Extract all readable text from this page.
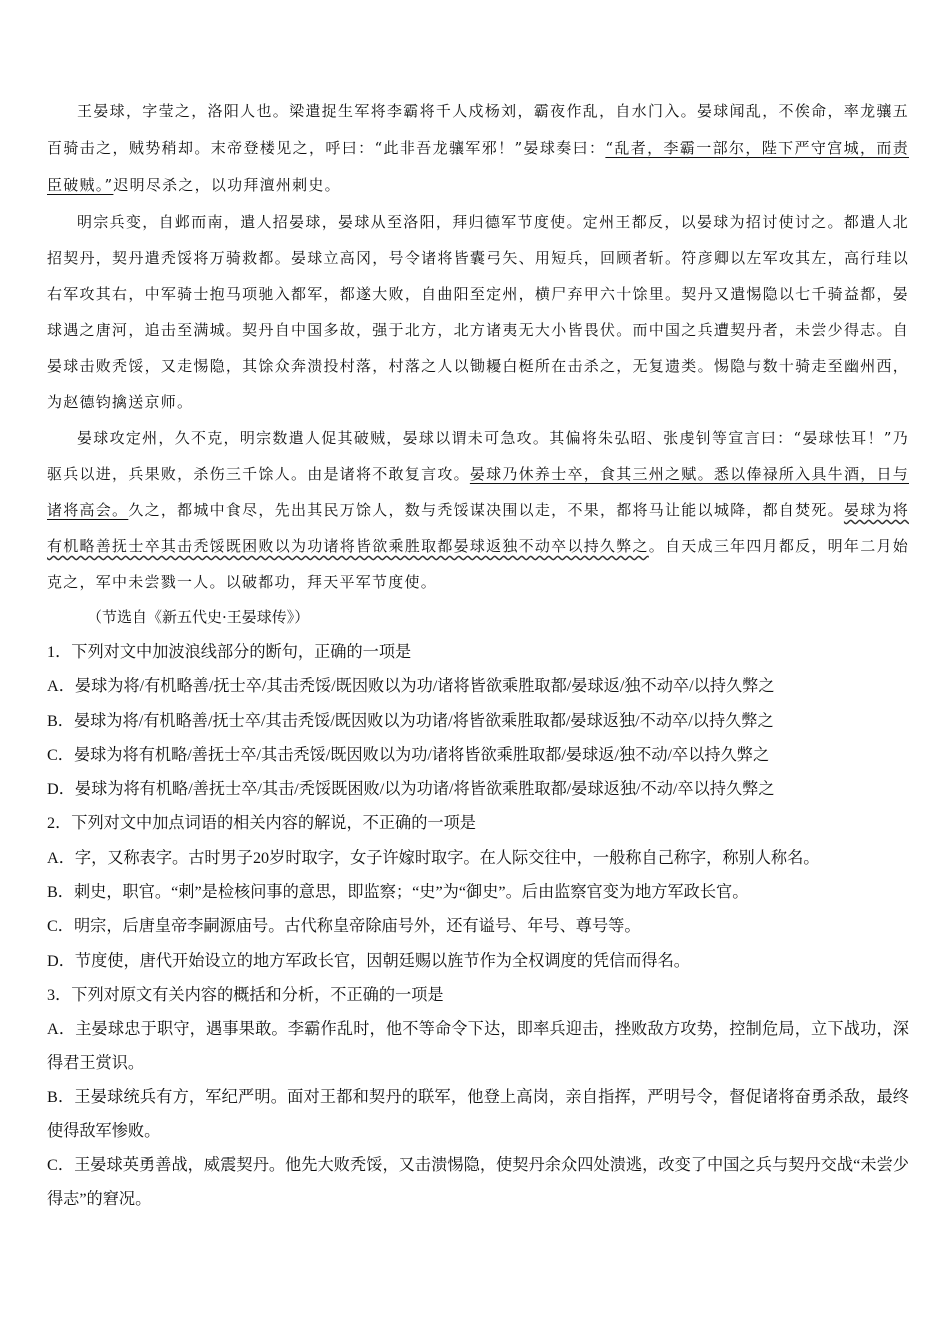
王晏球，字莹之，洛阳人也。梁遣捉生军将李霸将千人戍杨刘，霸夜作乱，自水门入。晏球闻乱，不俟命，率龙骧五百骑击之，贼势稍却。末帝登楼见之，呼曰：“此非吾龙骧军邪！”晏球奏曰：“乱者，李霸一部尔，陛下严守宫城，而责臣破贼。”迟明尽杀之，以功拜澶州刺史。

明宗兵变，自邺而南，遣人招晏球，晏球从至洛阳，拜归德军节度使。定州王都反，以晏球为招讨使讨之。都遣人北招契丹，契丹遣秃馁将万骑救都。晏球立高冈，号令诸将皆囊弓矢、用短兵，回顾者斩。符彦卿以左军攻其左，高行珪以右军攻其右，中军骑士抱马项驰入都军，都遂大败，自曲阳至定州，横尸弃甲六十馀里。契丹又遣惕隐以七千骑益都，晏球遇之唐河，追击至满城。契丹自中国多故，强于北方，北方诸夷无大小皆畏伏。而中国之兵遭契丹者，未尝少得志。自晏球击败秃馁，又走惕隐，其馀众奔溃投村落，村落之人以锄耰白梃所在击杀之，无复遗类。惕隐与数十骑走至幽州西，为赵德钧擒送京师。

晏球攻定州，久不克，明宗数遣人促其破贼，晏球以谓未可急攻。其偏将朱弘昭、张虔钊等宣言曰：“晏球怯耳！”乃驱兵以进，兵果败，杀伤三千馀人。由是诸将不敢复言攻。晏球乃休养士卒，食其三州之赋。悉以俸禄所入具牛酒，日与诸将高会。久之，都城中食尽，先出其民万馀人，数与秃馁谋决围以走，不果，都将马让能以城降，都自焚死。晏球为将有机略善抚士卒其击秃馁既困败以为功诸将皆欲乘胜取都晏球返独不动卒以持久弊之。自天成三年四月都反，明年二月始克之，军中未尝戮一人。以破都功，拜天平军节度使。

（节选自《新五代史·王晏球传》）

1．下列对文中加波浪线部分的断句，正确的一项是

A．晏球为将/有机略善/抚士卒/其击秃馁/既因败以为功/诸将皆欲乘胜取都/晏球返/独不动卒/以持久弊之

B．晏球为将/有机略善/抚士卒/其击秃馁/既因败以为功诸/将皆欲乘胜取都/晏球返独/不动卒/以持久弊之

C．晏球为将有机略/善抚士卒/其击秃馁/既因败以为功/诸将皆欲乘胜取都/晏球返/独不动/卒以持久弊之

D．晏球为将有机略/善抚士卒/其击/秃馁既困败/以为功诸/将皆欲乘胜取都/晏球返独/不动/卒以持久弊之

2．下列对文中加点词语的相关内容的解说，不正确的一项是

A．字，又称表字。古时男子20岁时取字，女子许嫁时取字。在人际交往中，一般称自己称字，称别人称名。

B．刺史，职官。“刺”是检核问事的意思，即监察；“史”为“御史”。后由监察官变为地方军政长官。

C．明宗，后唐皇帝李嗣源庙号。古代称皇帝除庙号外，还有谥号、年号、尊号等。

D．节度使，唐代开始设立的地方军政长官，因朝廷赐以旌节作为全权调度的凭信而得名。

3．下列对原文有关内容的概括和分析，不正确的一项是

A．主晏球忠于职守，遇事果敢。李霸作乱时，他不等命令下达，即率兵迎击，挫败敌方攻势，控制危局，立下战功，深得君王赏识。

B．王晏球统兵有方，军纪严明。面对王都和契丹的联军，他登上高岗，亲自指挥，严明号令，督促诸将奋勇杀敌，最终使得敌军惨败。

C．王晏球英勇善战，威震契丹。他先大败秃馁，又击溃惕隐，使契丹余众四处溃逃，改变了中国之兵与契丹交战“未尝少得志”的窘况。
